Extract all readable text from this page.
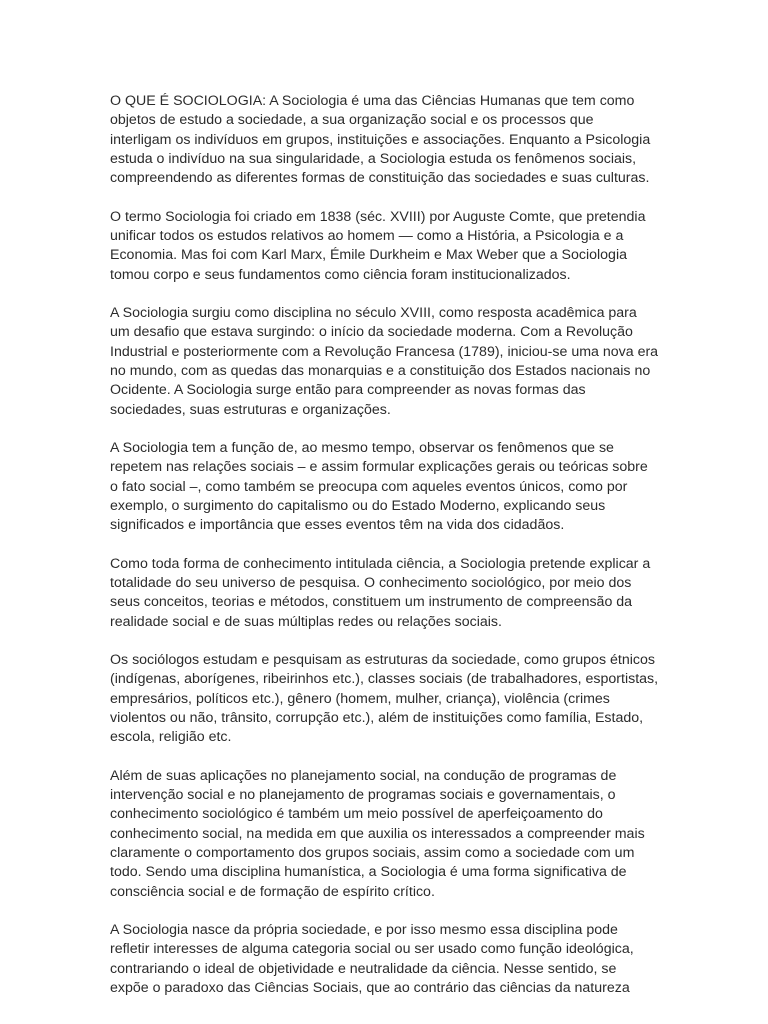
O QUE É SOCIOLOGIA: A Sociologia é uma das Ciências Humanas que tem como
objetos de estudo a sociedade, a sua organização social e os processos que
interligam os indivíduos em grupos, instituições e associações. Enquanto a Psicologia
estuda o indivíduo na sua singularidade, a Sociologia estuda os fenômenos sociais,
compreendendo as diferentes formas de constituição das sociedades e suas culturas.

O termo Sociologia foi criado em 1838 (séc. XVIII) por Auguste Comte, que pretendia
unificar todos os estudos relativos ao homem — como a História, a Psicologia e a
Economia. Mas foi com Karl Marx, Émile Durkheim e Max Weber que a Sociologia
tomou corpo e seus fundamentos como ciência foram institucionalizados.

A Sociologia surgiu como disciplina no século XVIII, como resposta acadêmica para
um desafio que estava surgindo: o início da sociedade moderna. Com a Revolução
Industrial e posteriormente com a Revolução Francesa (1789), iniciou-se uma nova era
no mundo, com as quedas das monarquias e a constituição dos Estados nacionais no
Ocidente. A Sociologia surge então para compreender as novas formas das
sociedades, suas estruturas e organizações.

A Sociologia tem a função de, ao mesmo tempo, observar os fenômenos que se
repetem nas relações sociais – e assim formular explicações gerais ou teóricas sobre
o fato social –, como também se preocupa com aqueles eventos únicos, como por
exemplo, o surgimento do capitalismo ou do Estado Moderno, explicando seus
significados e importância que esses eventos têm na vida dos cidadãos.

Como toda forma de conhecimento intitulada ciência, a Sociologia pretende explicar a
totalidade do seu universo de pesquisa. O conhecimento sociológico, por meio dos
seus conceitos, teorias e métodos, constituem um instrumento de compreensão da
realidade social e de suas múltiplas redes ou relações sociais.

Os sociólogos estudam e pesquisam as estruturas da sociedade, como grupos étnicos
(indígenas, aborígenes, ribeirinhos etc.), classes sociais (de trabalhadores, esportistas,
empresários, políticos etc.), gênero (homem, mulher, criança), violência (crimes
violentos ou não, trânsito, corrupção etc.), além de instituições como família, Estado,
escola, religião etc.

Além de suas aplicações no planejamento social, na condução de programas de
intervenção social e no planejamento de programas sociais e governamentais, o
conhecimento sociológico é também um meio possível de aperfeiçoamento do
conhecimento social, na medida em que auxilia os interessados a compreender mais
claramente o comportamento dos grupos sociais, assim como a sociedade com um
todo. Sendo uma disciplina humanística, a Sociologia é uma forma significativa de
consciência social e de formação de espírito crítico.

A Sociologia nasce da própria sociedade, e por isso mesmo essa disciplina pode
refletir interesses de alguma categoria social ou ser usado como função ideológica,
contrariando o ideal de objetividade e neutralidade da ciência. Nesse sentido, se
expõe o paradoxo das Ciências Sociais, que ao contrário das ciências da natureza
